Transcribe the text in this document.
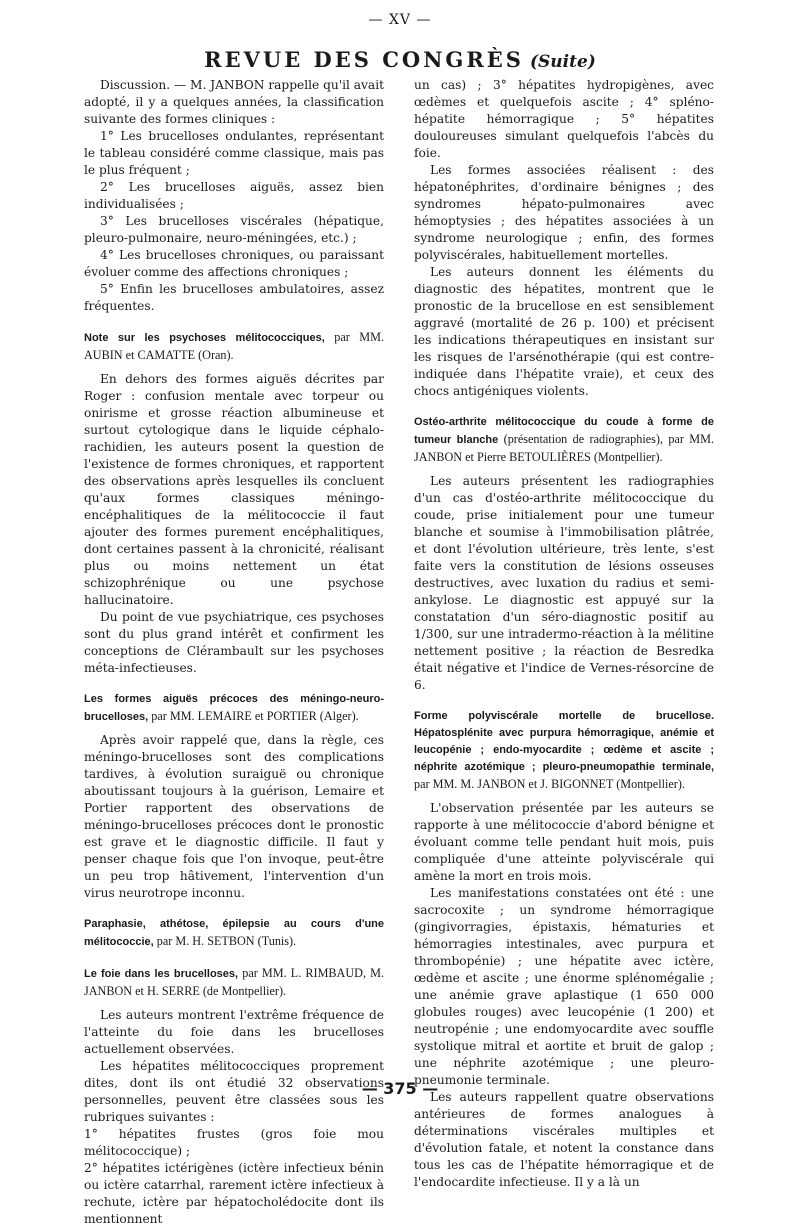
— XV —
REVUE DES CONGRÈS (Suite)

Discussion. — M. JANBON rappelle qu'il avait adopté, il y a quelques années, la classification suivante des formes cliniques :

1° Les brucelloses ondulantes, représentant le tableau considéré comme classique, mais pas le plus fréquent ;

2° Les brucelloses aiguës, assez bien individualisées ;

3° Les brucelloses viscérales (hépatique, pleuro-pulmonaire, neuro-méningées, etc.) ;

4° Les brucelloses chroniques, ou paraissant évoluer comme des affections chroniques ;

5° Enfin les brucelloses ambulatoires, assez fréquentes.

Note sur les psychoses mélitococciques, par MM. AUBIN et CAMATTE (Oran).

En dehors des formes aiguës décrites par Roger : confusion mentale avec torpeur ou onirisme et grosse réaction albumineuse et surtout cytologique dans le liquide céphalo-rachidien, les auteurs posent la question de l'existence de formes chroniques, et rapportent des observations après lesquelles ils concluent qu'aux formes classiques méningo-encéphalitiques de la mélitococcie il faut ajouter des formes purement encéphalitiques, dont certaines passent à la chronicité, réalisant plus ou moins nettement un état schizophrénique ou une psychose hallucinatoire.

Du point de vue psychiatrique, ces psychoses sont du plus grand intérêt et confirment les conceptions de Clérambault sur les psychoses méta-infectieuses.

Les formes aiguës précoces des méningo-neuro-brucelloses, par MM. LEMAIRE et PORTIER (Alger).

Après avoir rappelé que, dans la règle, ces méningo-brucelloses sont des complications tardives, à évolution suraiguë ou chronique aboutissant toujours à la guérison, Lemaire et Portier rapportent des observations de méningo-brucelloses précoces dont le pronostic est grave et le diagnostic difficile. Il faut y penser chaque fois que l'on invoque, peut-être un peu trop hâtivement, l'intervention d'un virus neurotrope inconnu.

Paraphasie, athétose, épilepsie au cours d'une mélitococcie, par M. H. SETBON (Tunis).

Le foie dans les brucelloses, par MM. L. RIMBAUD, M. JANBON et H. SERRE (de Montpellier).

Les auteurs montrent l'extrême fréquence de l'atteinte du foie dans les brucelloses actuellement observées.

Les hépatites mélitococciques proprement dites, dont ils ont étudié 32 observations personnelles, peuvent être classées sous les rubriques suivantes :

1° hépatites frustes (gros foie mou mélitococcique) ;

2° hépatites ictérigènes (ictère infectieux bénin ou ictère catarrhal, rarement ictère infectieux à rechute, ictère par hépatocholédocite dont ils mentionnent

un cas) ; 3° hépatites hydropigènes, avec œdèmes et quelquefois ascite ; 4° spléno-hépatite hémorragique ; 5° hépatites douloureuses simulant quelquefois l'abcès du foie.

Les formes associées réalisent : des hépatonéphrites, d'ordinaire bénignes ; des syndromes hépato-pulmonaires avec hémoptysies ; des hépatites associées à un syndrome neurologique ; enfin, des formes polyviscérales, habituellement mortelles.

Les auteurs donnent les éléments du diagnostic des hépatites, montrent que le pronostic de la brucellose en est sensiblement aggravé (mortalité de 26 p. 100) et précisent les indications thérapeutiques en insistant sur les risques de l'arsénothérapie (qui est contre-indiquée dans l'hépatite vraie), et ceux des chocs antigéniques violents.

Ostéo-arthrite mélitococcique du coude à forme de tumeur blanche (présentation de radiographies), par MM. JANBON et Pierre BETOULIÈRES (Montpellier).

Les auteurs présentent les radiographies d'un cas d'ostéo-arthrite mélitococcique du coude, prise initialement pour une tumeur blanche et soumise à l'immobilisation plâtrée, et dont l'évolution ultérieure, très lente, s'est faite vers la constitution de lésions osseuses destructives, avec luxation du radius et semi-ankylose. Le diagnostic est appuyé sur la constatation d'un séro-diagnostic positif au 1/300, sur une intradermo-réaction à la mélitine nettement positive ; la réaction de Besredka était négative et l'indice de Vernes-résorcine de 6.

Forme polyviscérale mortelle de brucellose. Hépatosplénite avec purpura hémorragique, anémie et leucopénie ; endo-myocardite ; œdème et ascite ; néphrite azotémique ; pleuro-pneumopathie terminale, par MM. M. JANBON et J. BIGONNET (Montpellier).

L'observation présentée par les auteurs se rapporte à une mélitococcie d'abord bénigne et évoluant comme telle pendant huit mois, puis compliquée d'une atteinte polyviscérale qui amène la mort en trois mois.

Les manifestations constatées ont été : une sacrocoxite ; un syndrome hémorragique (gingivorragies, épistaxis, hématuries et hémorragies intestinales, avec purpura et thrombopénie) ; une hépatite avec ictère, œdème et ascite ; une énorme splénomégalie ; une anémie grave aplastique (1 650 000 globules rouges) avec leucopénie (1 200) et neutropénie ; une endomyocardite avec souffle systolique mitral et aortite et bruit de galop ; une néphrite azotémique ; une pleuro-pneumonie terminale.

Les auteurs rappellent quatre observations antérieures de formes analogues à déterminations viscérales multiples et d'évolution fatale, et notent la constance dans tous les cas de l'hépatite hémorragique et de l'endocardite infectieuse. Il y a là un

— 375 —
